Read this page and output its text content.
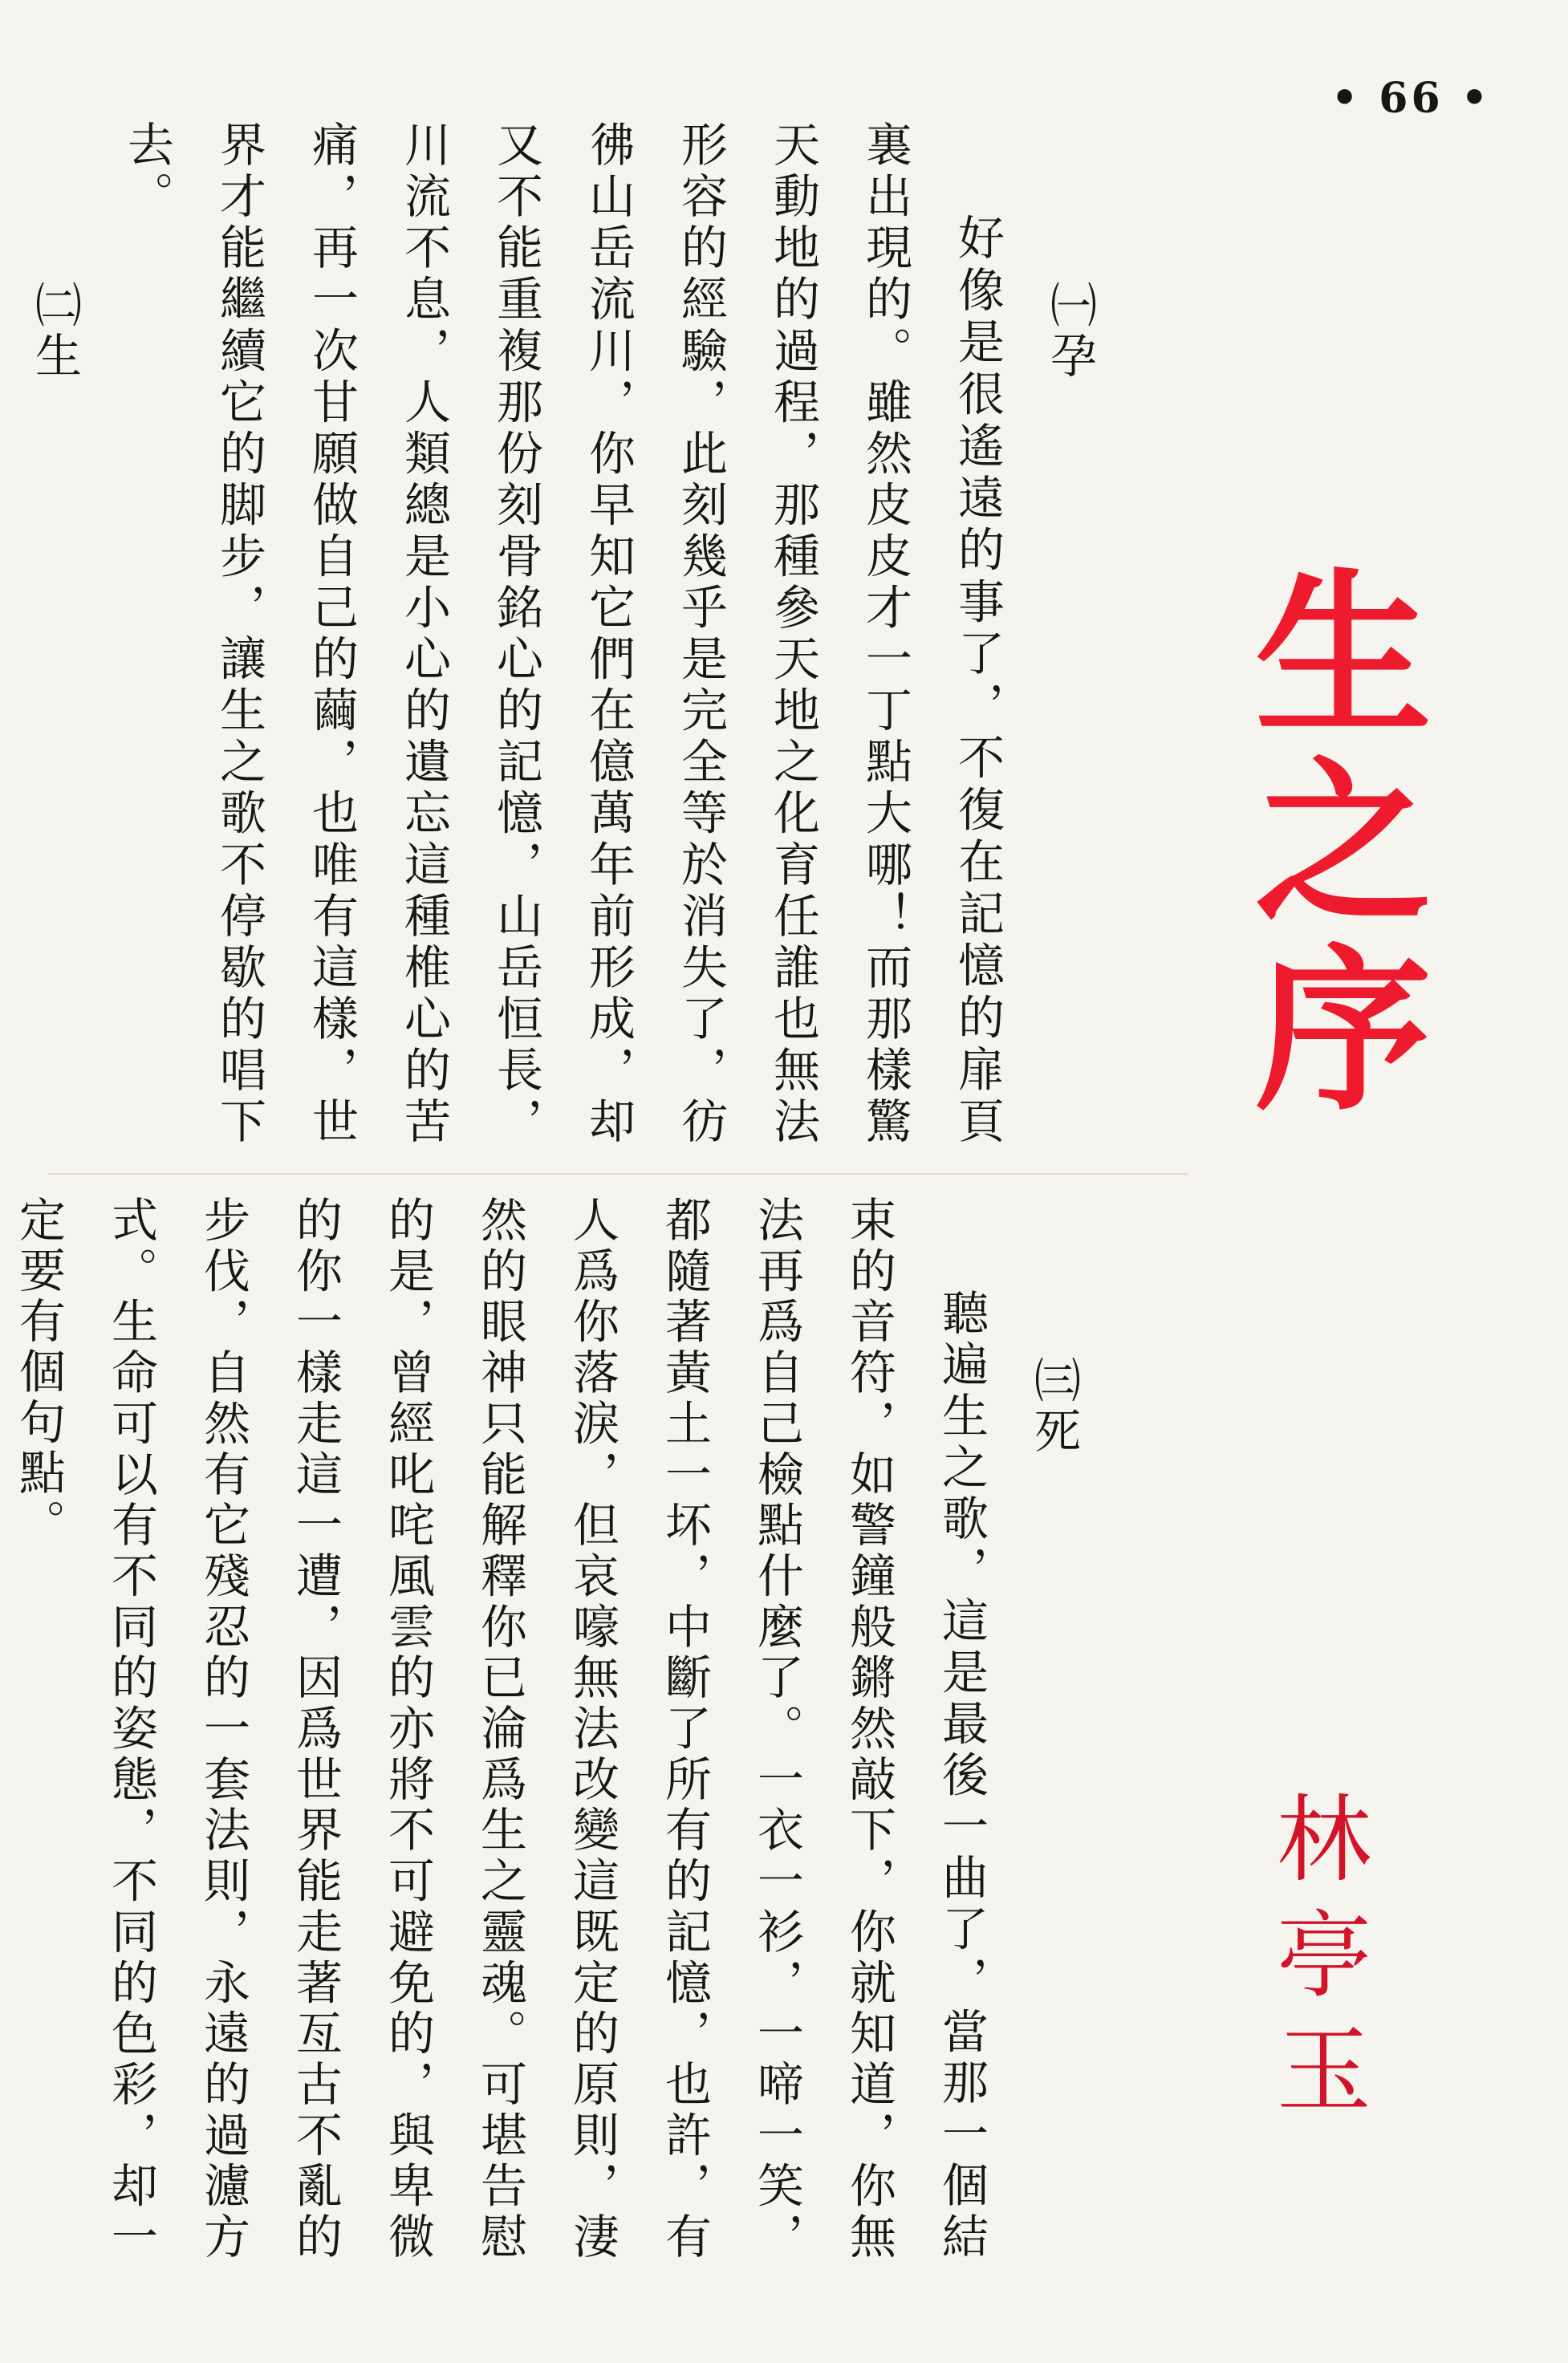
• 66 •
生之序
林亭玉
㈠孕
好像是很遙遠的事了，不復在記憶的扉頁裏出現的。雖然皮皮才一丁點大哪！而那樣驚天動地的過程，那種參天地之化育任誰也無法形容的經驗，此刻幾乎是完全等於消失了，彷彿山岳流川，你早知它們在億萬年前形成，却又不能重複那份刻骨銘心的記憶，山岳恒長，川流不息，人類總是小心的遺忘這種椎心的苦痛，再一次甘願做自己的繭，也唯有這樣，世界才能繼續它的脚步，讓生之歌不停歇的唱下去。
㈡生
㈢死
聽遍生之歌，這是最後一曲了，當那一個結束的音符，如警鐘般鏘然敲下，你就知道，你無法再爲自己檢點什麼了。一衣一衫，一啼一笑，都隨著黃土一坏，中斷了所有的記憶，也許，有人爲你落淚，但哀嚎無法改變這既定的原則，淒然的眼神只能解釋你已淪爲生之靈魂。可堪告慰的是，曾經叱咤風雲的亦將不可避免的，與卑微的你一樣走這一遭，因爲世界能走著亙古不亂的步伐，自然有它殘忍的一套法則，永遠的過濾方式。生命可以有不同的姿態，不同的色彩，却一定要有個句點。
